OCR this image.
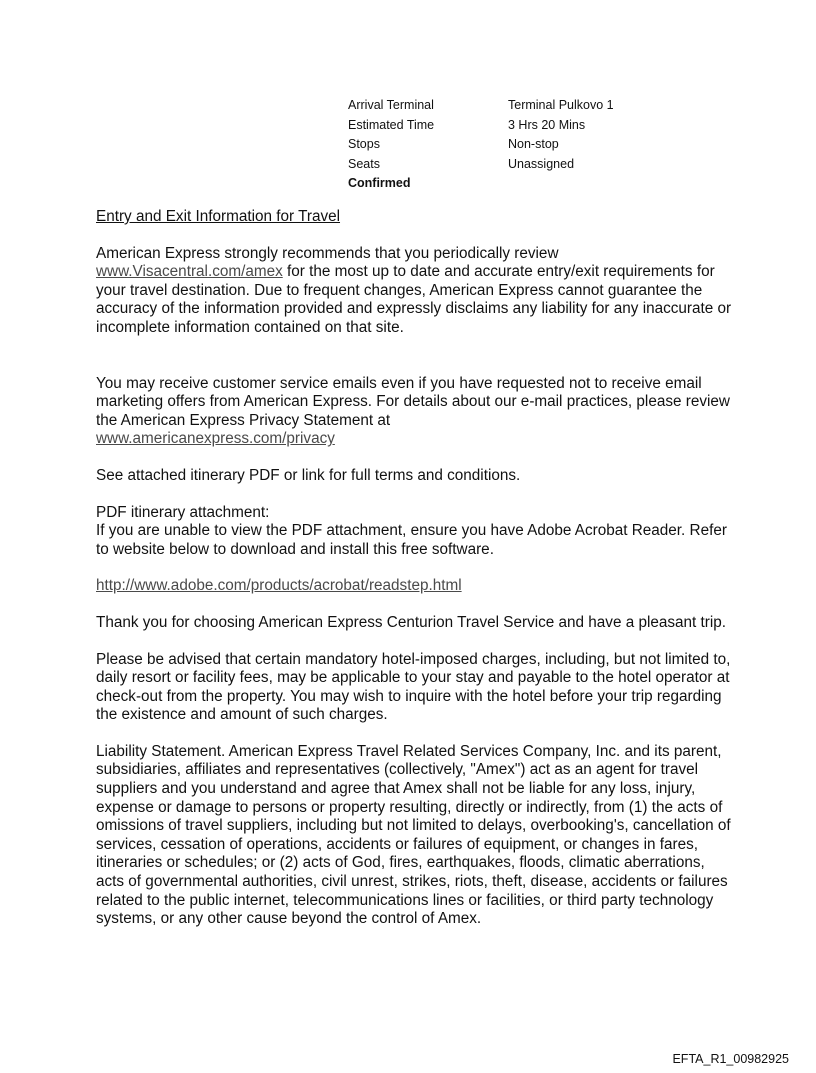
Arrival Terminal	Terminal Pulkovo 1
Estimated Time	3 Hrs 20 Mins
Stops	Non-stop
Seats	Unassigned
Confirmed

Entry and Exit Information for Travel

American Express strongly recommends that you periodically review www.Visacentral.com/amex for the most up to date and accurate entry/exit requirements for your travel destination. Due to frequent changes, American Express cannot guarantee the accuracy of the information provided and expressly disclaims any liability for any inaccurate or incomplete information contained on that site.

You may receive customer service emails even if you have requested not to receive email marketing offers from American Express. For details about our e-mail practices, please review the American Express Privacy Statement at

www.americanexpress.com/privacy

See attached itinerary PDF or link for full terms and conditions.

PDF itinerary attachment:

If you are unable to view the PDF attachment, ensure you have Adobe Acrobat Reader. Refer to website below to download and install this free software.

http://www.adobe.com/products/acrobat/readstep.html

Thank you for choosing American Express Centurion Travel Service and have a pleasant trip.

Please be advised that certain mandatory hotel-imposed charges, including, but not limited to, daily resort or facility fees, may be applicable to your stay and payable to the hotel operator at check-out from the property. You may wish to inquire with the hotel before your trip regarding the existence and amount of such charges.

Liability Statement. American Express Travel Related Services Company, Inc. and its parent, subsidiaries, affiliates and representatives (collectively, "Amex") act as an agent for travel suppliers and you understand and agree that Amex shall not be liable for any loss, injury, expense or damage to persons or property resulting, directly or indirectly, from (1) the acts of omissions of travel suppliers, including but not limited to delays, overbooking's, cancellation of services, cessation of operations, accidents or failures of equipment, or changes in fares, itineraries or schedules; or (2) acts of God, fires, earthquakes, floods, climatic aberrations, acts of governmental authorities, civil unrest, strikes, riots, theft, disease, accidents or failures related to the public internet, telecommunications lines or facilities, or third party technology systems, or any other cause beyond the control of Amex.

EFTA_R1_00982925
